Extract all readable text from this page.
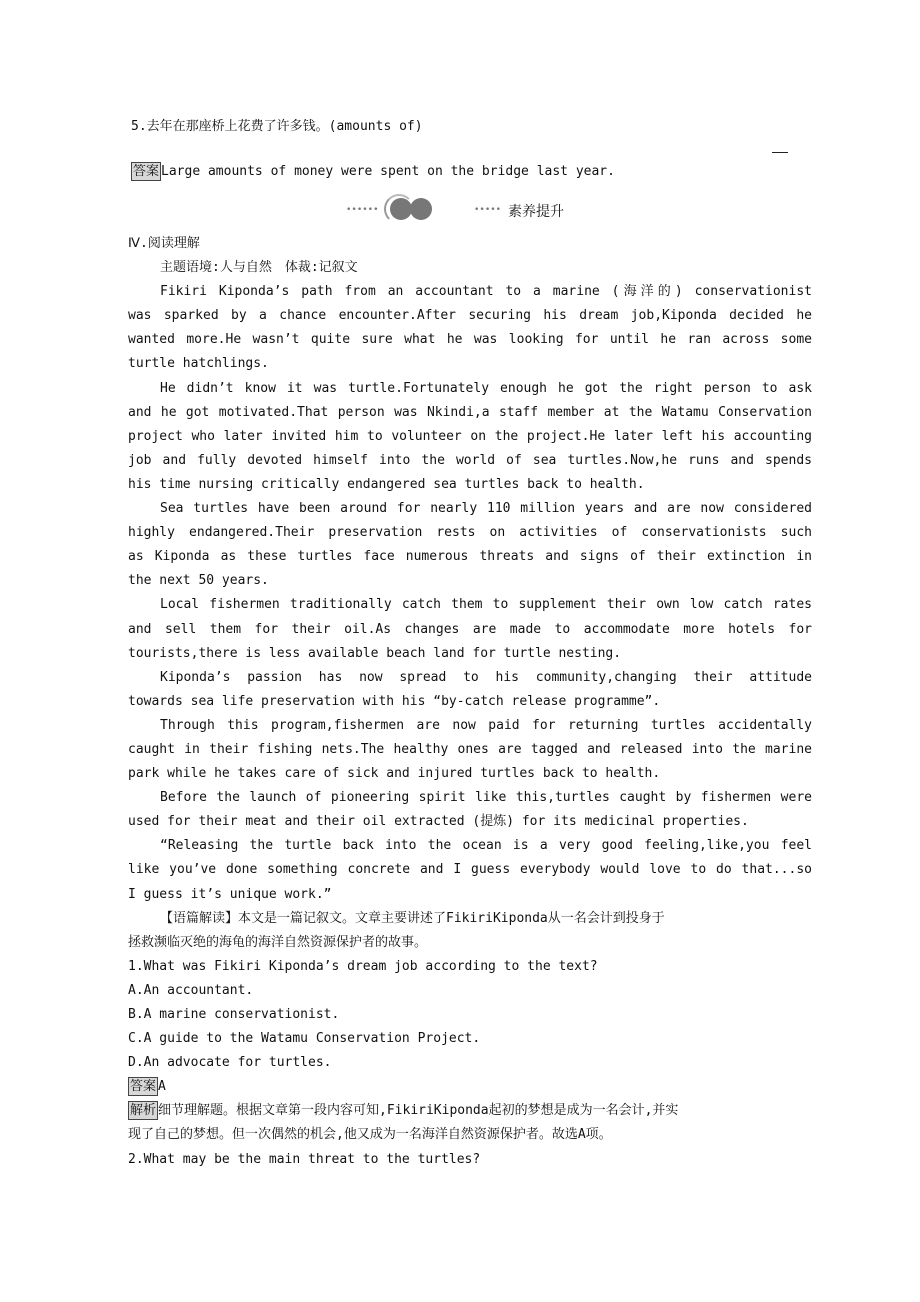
5.去年在那座桥上花费了许多钱。(amounts of)
答案 Large amounts of money were spent on the bridge last year.
••••••	••••• 素养提升
Ⅳ.阅读理解
主题语境:人与自然　体裁:记叙文
Fikiri Kiponda’s path from an accountant to a marine (海洋的) conservationist
was sparked by a chance encounter.After securing his dream job,Kiponda decided he
wanted more.He wasn’t quite sure what he was looking for until he ran across some
turtle hatchlings.
He didn’t know it was turtle.Fortunately enough he got the right person to ask
and he got motivated.That person was Nkindi,a staff member at the Watamu Conservation
project who later invited him to volunteer on the project.He later left his accounting
job and fully devoted himself into the world of sea turtles.Now,he runs and spends
his time nursing critically endangered sea turtles back to health.
Sea turtles have been around for nearly 110 million years and are now considered
highly endangered.Their preservation rests on activities of conservationists such
as Kiponda as these turtles face numerous threats and signs of their extinction in
the next 50 years.
Local fishermen traditionally catch them to supplement their own low catch rates
and sell them for their oil.As changes are made to accommodate more hotels for
tourists,there is less available beach land for turtle nesting.
Kiponda’s passion has now spread to his community,changing their attitude
towards sea life preservation with his “by-catch release programme”.
Through this program,fishermen are now paid for returning turtles accidentally
caught in their fishing nets.The healthy ones are tagged and released into the marine
park while he takes care of sick and injured turtles back to health.
Before the launch of pioneering spirit like this,turtles caught by fishermen were
used for their meat and their oil extracted (提炼) for its medicinal properties.
“Releasing the turtle back into the ocean is a very good feeling,like,you feel
like you’ve done something concrete and I guess everybody would love to do that...so
I guess it’s unique work.”
【语篇解读】本文是一篇记叙文。文章主要讲述了FikiriKiponda从一名会计到投身于
拯救濒临灭绝的海龟的海洋自然资源保护者的故事。
1.What was Fikiri Kiponda’s dream job according to the text?
A.An accountant.
B.A marine conservationist.
C.A guide to the Watamu Conservation Project.
D.An advocate for turtles.
答案 A
解析 细节理解题。根据文章第一段内容可知,FikiriKiponda起初的梦想是成为一名会计,并实
现了自己的梦想。但一次偶然的机会,他又成为一名海洋自然资源保护者。故选A项。
2.What may be the main threat to the turtles?
